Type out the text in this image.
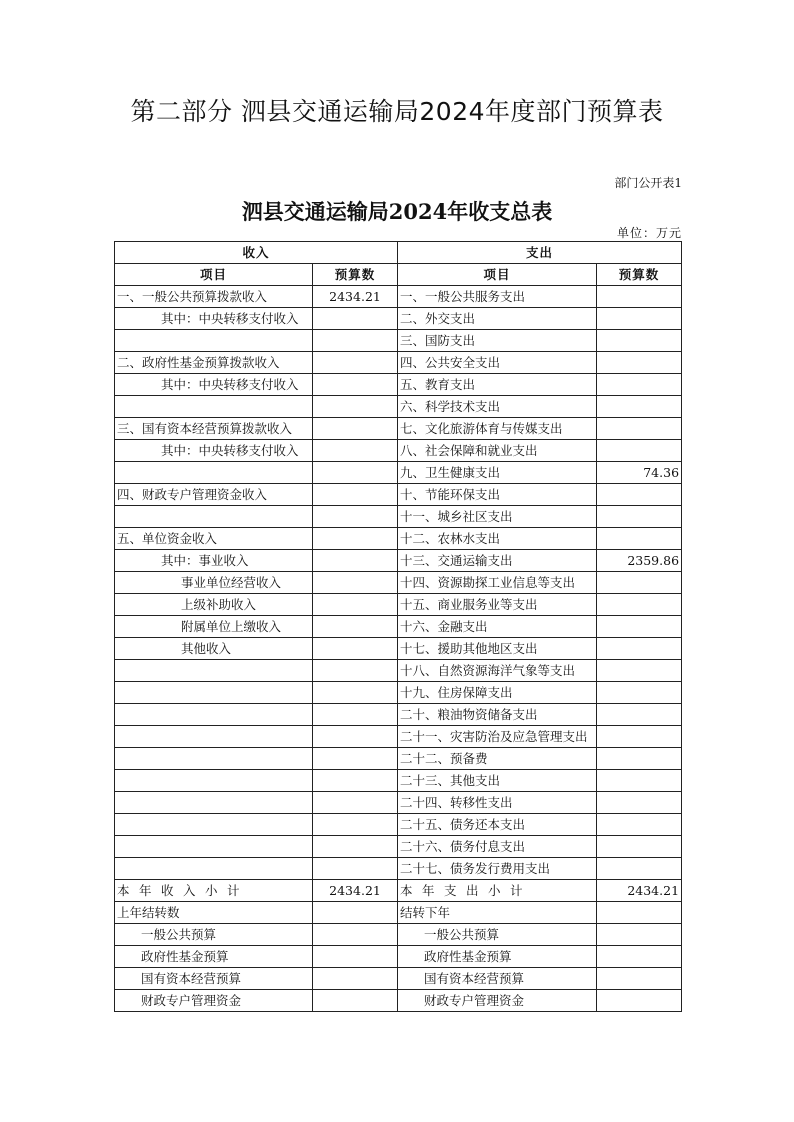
第二部分 泗县交通运输局2024年度部门预算表
部门公开表1
泗县交通运输局2024年收支总表
单位：万元
收入		支出	
项目	预算数	项目	预算数
一、一般公共预算拨款收入	2434.21	一、一般公共服务支出	
其中：中央转移支付收入		二、外交支出	
		三、国防支出	
二、政府性基金预算拨款收入		四、公共安全支出	
其中：中央转移支付收入		五、教育支出	
		六、科学技术支出	
三、国有资本经营预算拨款收入		七、文化旅游体育与传媒支出	
其中：中央转移支付收入		八、社会保障和就业支出	
		九、卫生健康支出	74.36
四、财政专户管理资金收入		十、节能环保支出	
		十一、城乡社区支出	
五、单位资金收入		十二、农林水支出	
其中：事业收入		十三、交通运输支出	2359.86
事业单位经营收入		十四、资源勘探工业信息等支出	
上级补助收入		十五、商业服务业等支出	
附属单位上缴收入		十六、金融支出	
其他收入		十七、援助其他地区支出	
		十八、自然资源海洋气象等支出	
		十九、住房保障支出	
		二十、粮油物资储备支出	
		二十一、灾害防治及应急管理支出	
		二十二、预备费	
		二十三、其他支出	
		二十四、转移性支出	
		二十五、债务还本支出	
		二十六、债务付息支出	
		二十七、债务发行费用支出	
本年收入小计	2434.21	本年支出小计	2434.21
上年结转数		结转下年	
一般公共预算		一般公共预算	
政府性基金预算		政府性基金预算	
国有资本经营预算		国有资本经营预算	
财政专户管理资金		财政专户管理资金	
